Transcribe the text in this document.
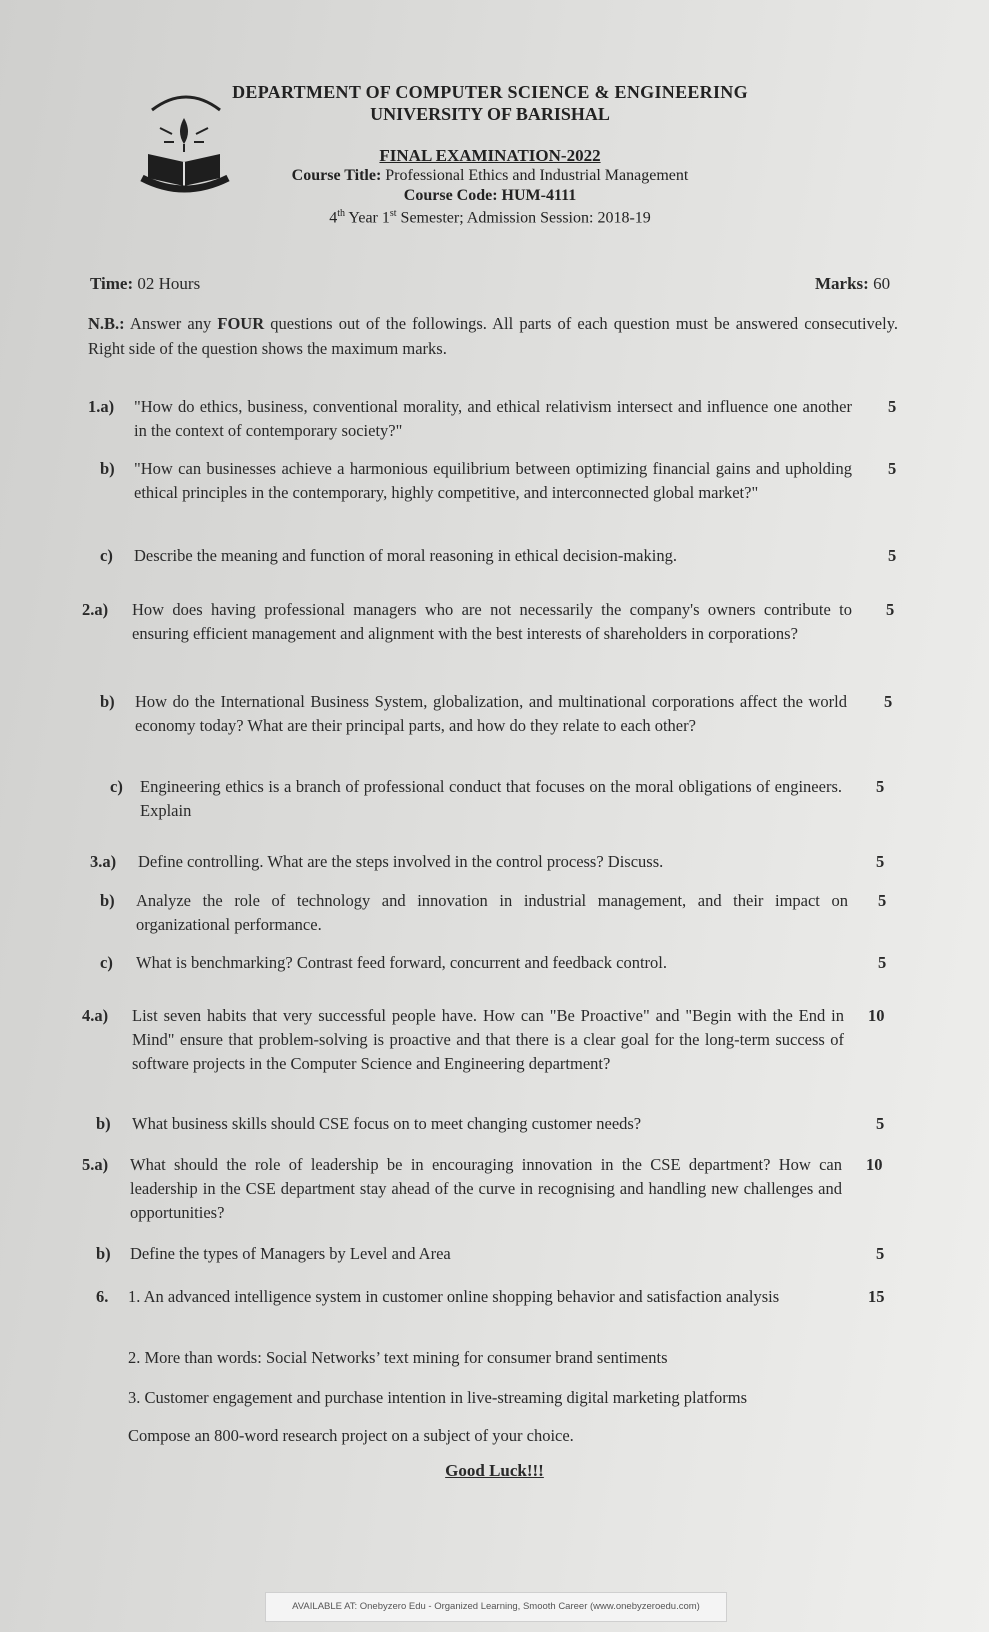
DEPARTMENT OF COMPUTER SCIENCE & ENGINEERING
UNIVERSITY OF BARISHAL
FINAL EXAMINATION-2022
Course Title: Professional Ethics and Industrial Management
Course Code: HUM-4111
4th Year 1st Semester; Admission Session: 2018-19
Time: 02 Hours	Marks: 60
N.B.: Answer any FOUR questions out of the followings. All parts of each question must be answered consecutively. Right side of the question shows the maximum marks.
1.a) "How do ethics, business, conventional morality, and ethical relativism intersect and influence one another in the context of contemporary society?"
5
b) "How can businesses achieve a harmonious equilibrium between optimizing financial gains and upholding ethical principles in the contemporary, highly competitive, and interconnected global market?"
5
c) Describe the meaning and function of moral reasoning in ethical decision-making.	5
2.a) How does having professional managers who are not necessarily the company's owners contribute to ensuring efficient management and alignment with the best interests of shareholders in corporations?
5
b) How do the International Business System, globalization, and multinational corporations affect the world economy today? What are their principal parts, and how do they relate to each other?
5
c) Engineering ethics is a branch of professional conduct that focuses on the moral obligations of engineers. Explain
5
3.a) Define controlling. What are the steps involved in the control process? Discuss.	5
b) Analyze the role of technology and innovation in industrial management, and their impact on organizational performance.
5
c) What is benchmarking? Contrast feed forward, concurrent and feedback control.	5
4.a) List seven habits that very successful people have. How can "Be Proactive" and "Begin with the End in Mind" ensure that problem-solving is proactive and that there is a clear goal for the long-term success of software projects in the Computer Science and Engineering department?
10
b) What business skills should CSE focus on to meet changing customer needs?	5
5.a) What should the role of leadership be in encouraging innovation in the CSE department? How can leadership in the CSE department stay ahead of the curve in recognising and handling new challenges and opportunities?
10
b) Define the types of Managers by Level and Area	5
6. 1. An advanced intelligence system in customer online shopping behavior and satisfaction analysis	15
2. More than words: Social Networks’ text mining for consumer brand sentiments
3. Customer engagement and purchase intention in live-streaming digital marketing platforms
Compose an 800-word research project on a subject of your choice.
Good Luck!!!
AVAILABLE AT: Onebyzero Edu - Organized Learning, Smooth Career (www.onebyzeroedu.com)
